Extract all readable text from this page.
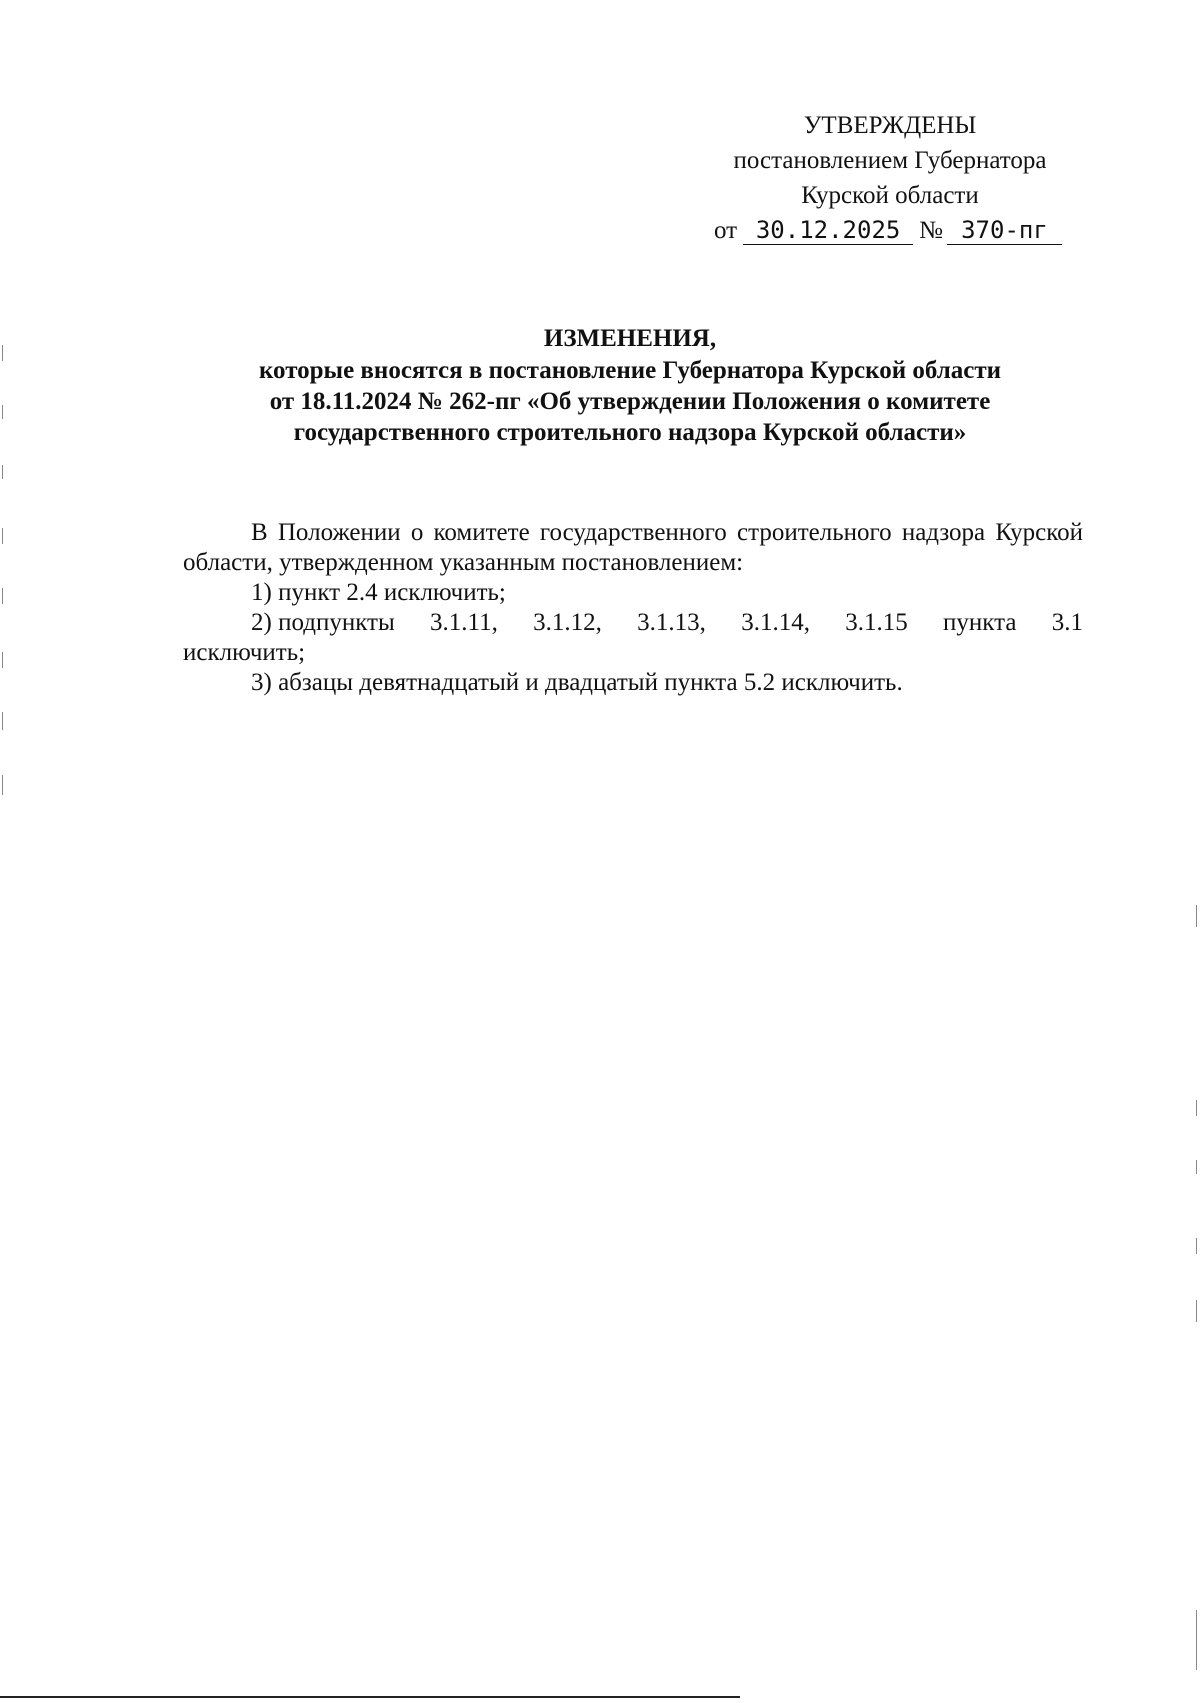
УТВЕРЖДЕНЫ
постановлением Губернатора
Курской области
от 30.12.2025 № 370-пг
ИЗМЕНЕНИЯ,
которые вносятся в постановление Губернатора Курской области
от 18.11.2024 № 262-пг «Об утверждении Положения о комитете
государственного строительного надзора Курской области»

В Положении о комитете государственного строительного надзора Курской области, утвержденном указанным постановлением:

1) пункт 2.4 исключить;

2) подпункты 3.1.11, 3.1.12, 3.1.13, 3.1.14, 3.1.15 пункта 3.1

исключить;

3) абзацы девятнадцатый и двадцатый пункта 5.2 исключить.
